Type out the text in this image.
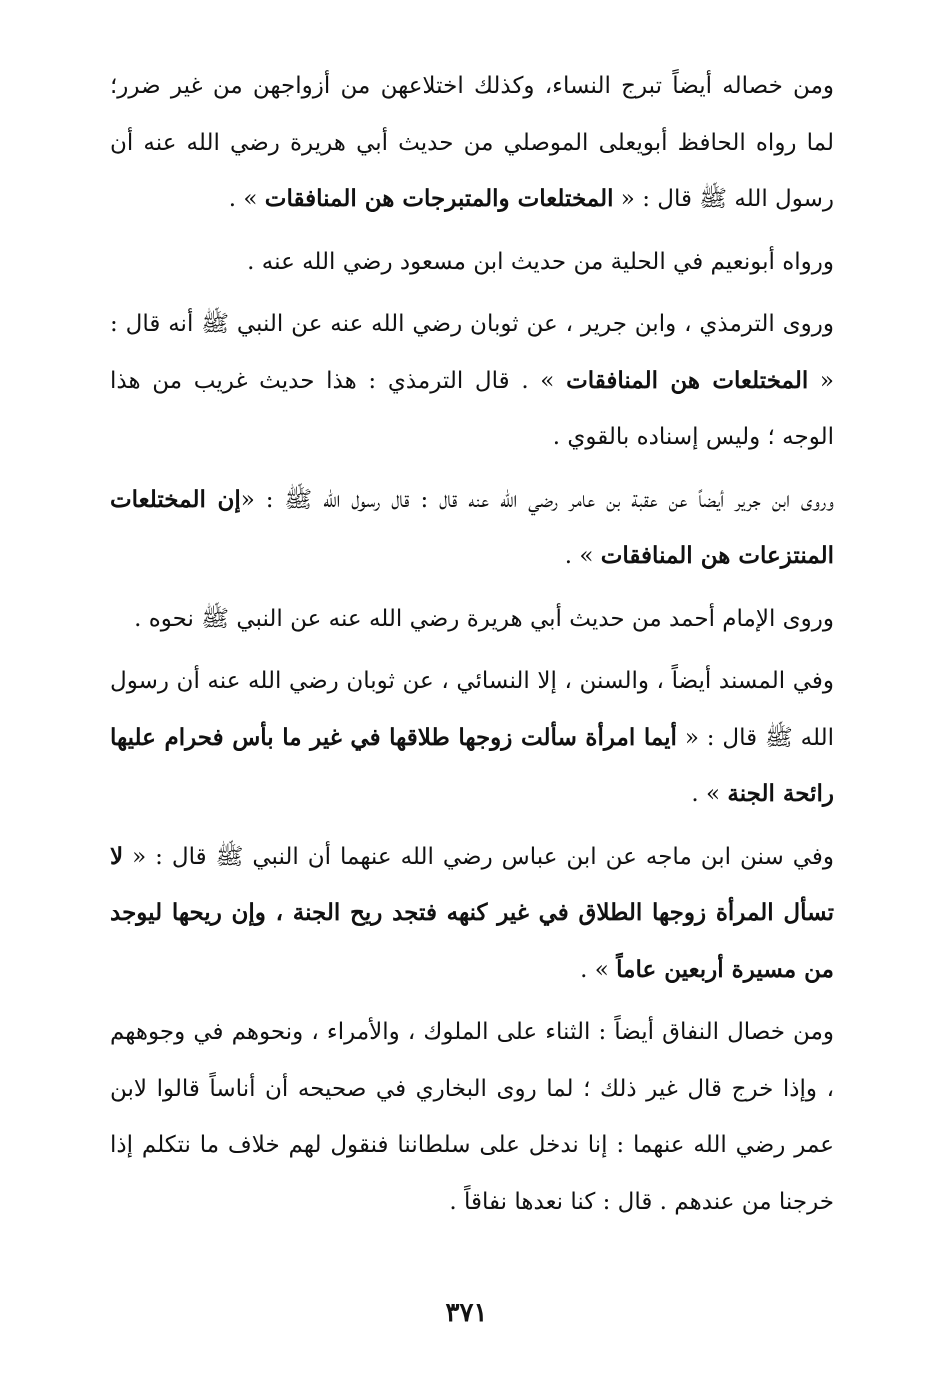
ومن خصاله أيضاً تبرج النساء، وكذلك اختلاعهن من أزواجهن من غير ضرر؛ لما رواه الحافظ أبويعلى الموصلي من حديث أبي هريرة رضي الله عنه أن رسول الله ﷺ قال : « المختلعات والمتبرجات هن المنافقات » .

ورواه أبونعيم في الحلية من حديث ابن مسعود رضي الله عنه .

وروى الترمذي ، وابن جرير ، عن ثوبان رضي الله عنه عن النبي ﷺ أنه قال : « المختلعات هن المنافقات » . قال الترمذي : هذا حديث غريب من هذا الوجه ؛ وليس إسناده بالقوي .

وروى ابن جرير أيضاً عن عقبة بن عامر رضي الله عنه قال : قال رسول الله ﷺ : «إن المختلعات المنتزعات هن المنافقات » .

وروى الإمام أحمد من حديث أبي هريرة رضي الله عنه عن النبي ﷺ نحوه .

وفي المسند أيضاً ، والسنن ، إلا النسائي ، عن ثوبان رضي الله عنه أن رسول الله ﷺ قال : « أيما امرأة سألت زوجها طلاقها في غير ما بأس فحرام عليها رائحة الجنة » .

وفي سنن ابن ماجه عن ابن عباس رضي الله عنهما أن النبي ﷺ قال : « لا تسأل المرأة زوجها الطلاق في غير كنهه فتجد ريح الجنة ، وإن ريحها ليوجد من مسيرة أربعين عاماً » .

ومن خصال النفاق أيضاً : الثناء على الملوك ، والأمراء ، ونحوهم في وجوههم ، وإذا خرج قال غير ذلك ؛ لما روى البخاري في صحيحه أن أناساً قالوا لابن عمر رضي الله عنهما : إنا ندخل على سلطاننا فنقول لهم خلاف ما نتكلم إذا خرجنا من عندهم . قال : كنا نعدها نفاقاً .

٣٧١
